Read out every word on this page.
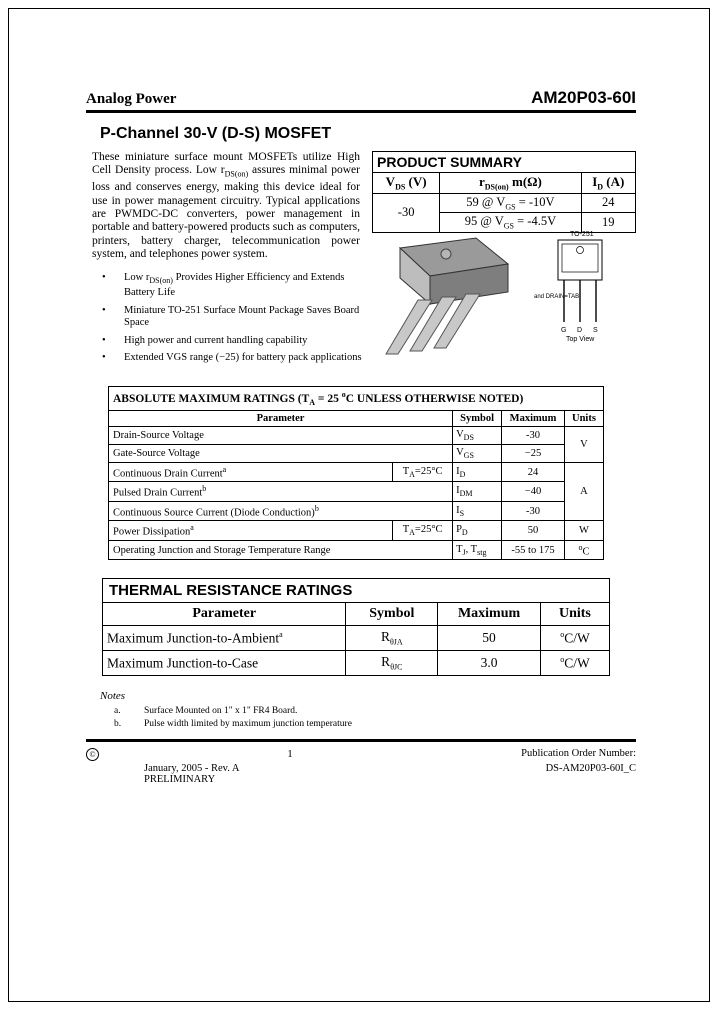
Analog Power	AM20P03-60I
P-Channel 30-V (D-S) MOSFET
These miniature surface mount MOSFETs utilize High Cell Density process. Low $r_{DS(on)}$ assures minimal power loss and conserves energy, making this device ideal for use in power management circuitry. Typical applications are PWMDC-DC converters, power management in portable and battery-powered products such as computers, printers, battery charger, telecommunication power system, and telephones power system.
PRODUCT SUMMARY		
$V_{DS}$ (V)	$r_{DS(on)}$ m(Ω)	$I_D$ (A)
-30	59 @ $V_{GS} = -10V$	24
	95 @ $V_{GS} = -4.5V$	19
•	Low $r_{DS(on)}$ Provides Higher Efficiency and Extends Battery Life
•	Miniature TO-251 Surface Mount Package Saves Board Space
•	High power and current handling capability
•	Extended VGS range (−25) for battery pack applications
TO-251
G D S
Top View
and DRAIN=TAB
ABSOLUTE MAXIMUM RATINGS ($T_A = 25$ $^o$C UNLESS OTHERWISE NOTED)				
Parameter		Symbol	Maximum	Units
Drain-Source Voltage		$V_{DS}$	-30	V
Gate-Source Voltage		$V_{GS}$	−25	
Continuous Drain Current$^a$	$T_A=25^\circ C$	$I_D$	24	A
Pulsed Drain Current$^b$		$I_{DM}$	−40	
Continuous Source Current (Diode Conduction)$^b$		$I_S$	-30	
Power Dissipation$^a$	$T_A=25^\circ C$	$P_D$	50	W
Operating Junction and Storage Temperature Range		$T_J$, $T_{stg}$	-55 to 175	$^o$C
THERMAL RESISTANCE RATINGS			
Parameter	Symbol	Maximum	Units
Maximum Junction-to-Ambient$^a$	$R_{\theta JA}$	50	$^o$C/W
Maximum Junction-to-Case	$R_{\theta JC}$	3.0	$^o$C/W
Notes
a.	Surface Mounted on 1" x 1" FR4 Board.
b.	Pulse width limited by maximum junction temperature
©	1	Publication Order Number:
January, 2005 - Rev. A	DS-AM20P03-60I_C
PRELIMINARY
